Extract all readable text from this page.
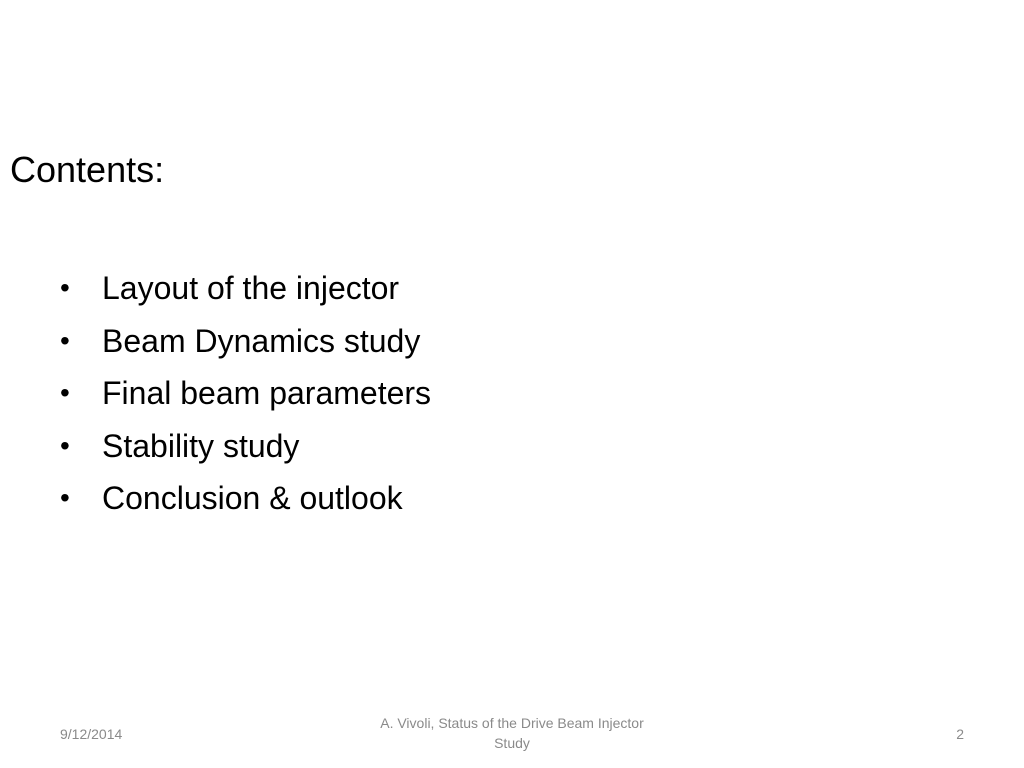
Contents:
•	Layout of the injector
•	Beam Dynamics study
•	Final beam parameters
•	Stability study
•	Conclusion & outlook
9/12/2014
A. Vivoli, Status of the Drive Beam Injector
Study
2
